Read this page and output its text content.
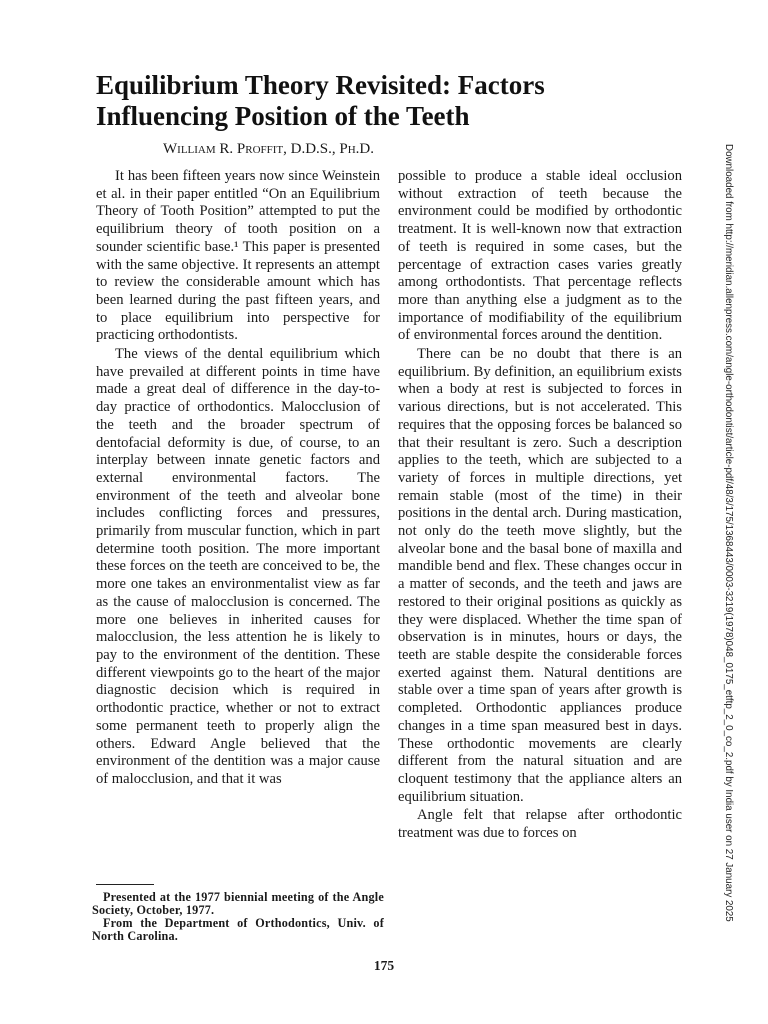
Equilibrium Theory Revisited: Factors
Influencing Position of the Teeth
William R. Proffit, D.D.S., Ph.D.

It has been fifteen years now since Weinstein et al. in their paper entitled “On an Equilibrium Theory of Tooth Position” attempted to put the equilibrium theory of tooth position on a sounder scientific base.¹ This paper is presented with the same objective. It represents an attempt to review the considerable amount which has been learned during the past fifteen years, and to place equilibrium into perspective for practicing orthodontists.

The views of the dental equilibrium which have prevailed at different points in time have made a great deal of difference in the day-to-day practice of orthodontics. Malocclusion of the teeth and the broader spectrum of dentofacial deformity is due, of course, to an interplay between innate genetic factors and external environmental factors. The environment of the teeth and alveolar bone includes conflicting forces and pressures, primarily from muscular function, which in part determine tooth position. The more important these forces on the teeth are conceived to be, the more one takes an environmentalist view as far as the cause of malocclusion is concerned. The more one believes in inherited causes for malocclusion, the less attention he is likely to pay to the environment of the dentition. These different viewpoints go to the heart of the major diagnostic decision which is required in orthodontic practice, whether or not to extract some permanent teeth to properly align the others. Edward Angle believed that the environment of the dentition was a major cause of malocclusion, and that it was

possible to produce a stable ideal occlusion without extraction of teeth because the environment could be modified by orthodontic treatment. It is well-known now that extraction of teeth is required in some cases, but the percentage of extraction cases varies greatly among orthodontists. That percentage reflects more than anything else a judgment as to the importance of modifiability of the equilibrium of environmental forces around the dentition.

There can be no doubt that there is an equilibrium. By definition, an equilibrium exists when a body at rest is subjected to forces in various directions, but is not accelerated. This requires that the opposing forces be balanced so that their resultant is zero. Such a description applies to the teeth, which are subjected to a variety of forces in multiple directions, yet remain stable (most of the time) in their positions in the dental arch. During mastication, not only do the teeth move slightly, but the alveolar bone and the basal bone of maxilla and mandible bend and flex. These changes occur in a matter of seconds, and the teeth and jaws are restored to their original positions as quickly as they were displaced. Whether the time span of observation is in minutes, hours or days, the teeth are stable despite the considerable forces exerted against them. Natural dentitions are stable over a time span of years after growth is completed. Orthodontic appliances produce changes in a time span measured best in days. These orthodontic movements are clearly different from the natural situation and are cloquent testimony that the appliance alters an equilibrium situation.

Angle felt that relapse after orthodontic treatment was due to forces on

Presented at the 1977 biennial meeting of the Angle Society, October, 1977.
From the Department of Orthodontics, Univ. of North Carolina.
175
Downloaded from http://meridian.allenpress.com/angle-orthodontist/article-pdf/48/3/175/1368443/0003-3219(1978)048_0175_etftp_2_0_co_2.pdf by India user on 27 January 2025
